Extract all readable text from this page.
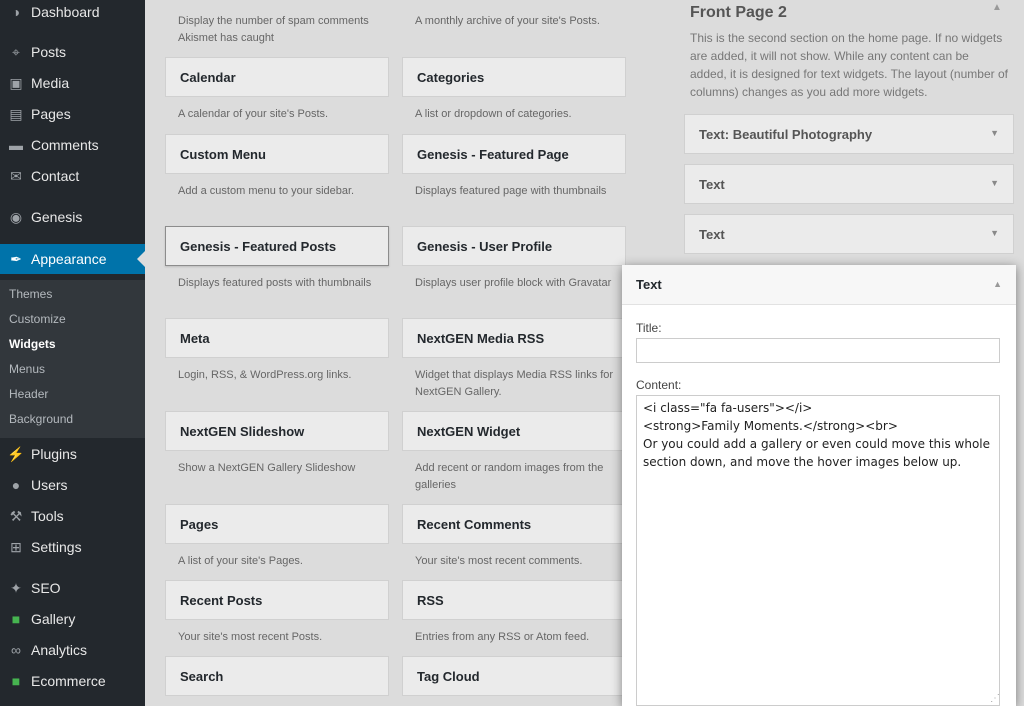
◑ Dashboard
⌖ Posts
▣ Media
▤ Pages
▬ Comments
✉ Contact
◉ Genesis
✒ Appearance
⚡ Plugins
● Users
⚒ Tools
⊞ Settings
✦ SEO
■ Gallery
∞ Analytics
■ Ecommerce
Themes
Customize
Widgets
Menus
Header
Background
Display the number of spam comments Akismet has caught
A monthly archive of your site's Posts.
Calendar
A calendar of your site's Posts.
Categories
A list or dropdown of categories.
Custom Menu
Add a custom menu to your sidebar.
Genesis - Featured Page
Displays featured page with thumbnails
Genesis - Featured Posts
Displays featured posts with thumbnails
Genesis - User Profile
Displays user profile block with Gravatar
Meta
Login, RSS, & WordPress.org links.
NextGEN Media RSS
Widget that displays Media RSS links for NextGEN Gallery.
NextGEN Slideshow
Show a NextGEN Gallery Slideshow
NextGEN Widget
Add recent or random images from the galleries
Pages
A list of your site's Pages.
Recent Comments
Your site's most recent comments.
Recent Posts
Your site's most recent Posts.
RSS
Entries from any RSS or Atom feed.
Search	Tag Cloud
Front Page 2	▲
This is the second section on the home page. If no widgets are added, it will not show. While any content can be added, it is designed for text widgets. The layout (number of columns) changes as you add more widgets.
Text: Beautiful Photography	▼
Text	▼
Text	▼
Text	▲
Title:
Content:
<i class="fa fa-users"></i> <strong>Family Moments.</strong><br> Or you could add a gallery or even could move this whole section down, and move the hover images below up.
⋰
